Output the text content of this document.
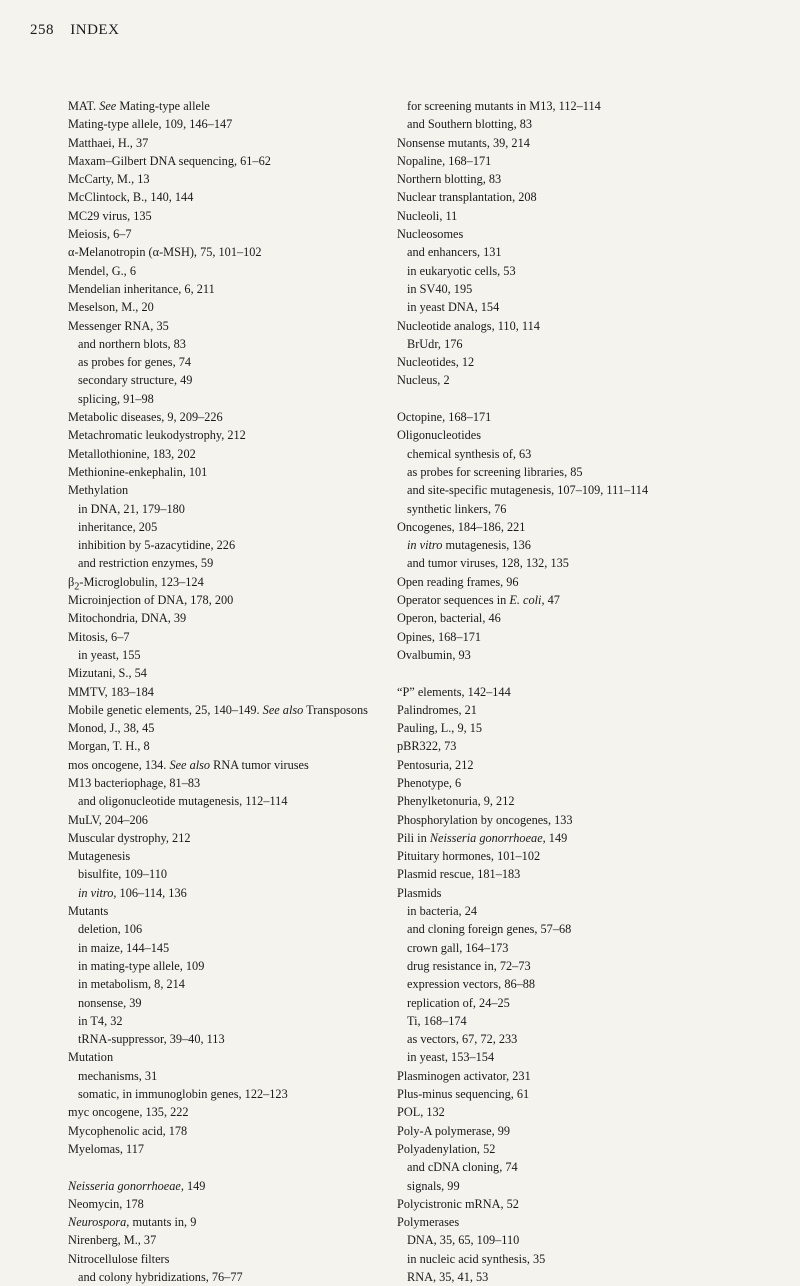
258 INDEX
MAT. See Mating-type allele
Mating-type allele, 109, 146–147
Matthaei, H., 37
Maxam–Gilbert DNA sequencing, 61–62
McCarty, M., 13
McClintock, B., 140, 144
MC29 virus, 135
Meiosis, 6–7
α-Melanotropin (α-MSH), 75, 101–102
Mendel, G., 6
Mendelian inheritance, 6, 211
Meselson, M., 20
Messenger RNA, 35
and northern blots, 83
as probes for genes, 74
secondary structure, 49
splicing, 91–98
Metabolic diseases, 9, 209–226
Metachromatic leukodystrophy, 212
Metallothionine, 183, 202
Methionine-enkephalin, 101
Methylation
in DNA, 21, 179–180
inheritance, 205
inhibition by 5-azacytidine, 226
and restriction enzymes, 59
$\beta_2$-Microglobulin, 123–124
Microinjection of DNA, 178, 200
Mitochondria, DNA, 39
Mitosis, 6–7
in yeast, 155
Mizutani, S., 54
MMTV, 183–184
Mobile genetic elements, 25, 140–149. See also Transposons
Monod, J., 38, 45
Morgan, T. H., 8
mos oncogene, 134. See also RNA tumor viruses
M13 bacteriophage, 81–83
and oligonucleotide mutagenesis, 112–114
MuLV, 204–206
Muscular dystrophy, 212
Mutagenesis
bisulfite, 109–110
in vitro, 106–114, 136
Mutants
deletion, 106
in maize, 144–145
in mating-type allele, 109
in metabolism, 8, 214
nonsense, 39
in T4, 32
tRNA-suppressor, 39–40, 113
Mutation
mechanisms, 31
somatic, in immunoglobin genes, 122–123
myc oncogene, 135, 222
Mycophenolic acid, 178
Myelomas, 117
Neisseria gonorrhoeae, 149
Neomycin, 178
Neurospora, mutants in, 9
Nirenberg, M., 37
Nitrocellulose filters
and colony hybridizations, 76–77
for screening mutants in M13, 112–114
and Southern blotting, 83
Nonsense mutants, 39, 214
Nopaline, 168–171
Northern blotting, 83
Nuclear transplantation, 208
Nucleoli, 11
Nucleosomes
and enhancers, 131
in eukaryotic cells, 53
in SV40, 195
in yeast DNA, 154
Nucleotide analogs, 110, 114
BrUdr, 176
Nucleotides, 12
Nucleus, 2
Octopine, 168–171
Oligonucleotides
chemical synthesis of, 63
as probes for screening libraries, 85
and site-specific mutagenesis, 107–109, 111–114
synthetic linkers, 76
Oncogenes, 184–186, 221
in vitro mutagenesis, 136
and tumor viruses, 128, 132, 135
Open reading frames, 96
Operator sequences in E. coli, 47
Operon, bacterial, 46
Opines, 168–171
Ovalbumin, 93
“P” elements, 142–144
Palindromes, 21
Pauling, L., 9, 15
pBR322, 73
Pentosuria, 212
Phenotype, 6
Phenylketonuria, 9, 212
Phosphorylation by oncogenes, 133
Pili in Neisseria gonorrhoeae, 149
Pituitary hormones, 101–102
Plasmid rescue, 181–183
Plasmids
in bacteria, 24
and cloning foreign genes, 57–68
crown gall, 164–173
drug resistance in, 72–73
expression vectors, 86–88
replication of, 24–25
Ti, 168–174
as vectors, 67, 72, 233
in yeast, 153–154
Plasminogen activator, 231
Plus-minus sequencing, 61
POL, 132
Poly-A polymerase, 99
Polyadenylation, 52
and cDNA cloning, 74
signals, 99
Polycistronic mRNA, 52
Polymerases
DNA, 35, 65, 109–110
in nucleic acid synthesis, 35
RNA, 35, 41, 53
